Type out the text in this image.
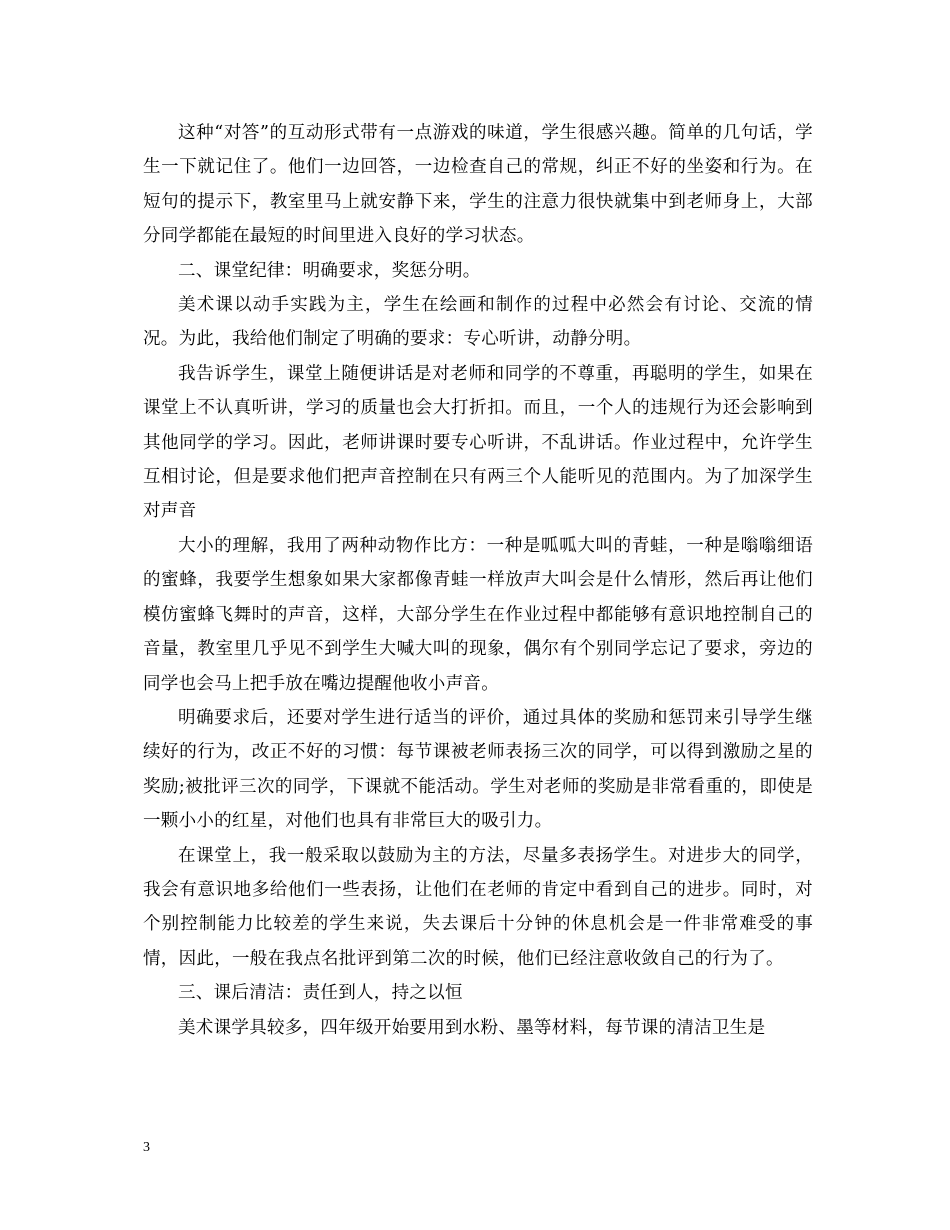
这种“对答”的互动形式带有一点游戏的味道，学生很感兴趣。简单的几句话，学生一下就记住了。他们一边回答，一边检查自己的常规，纠正不好的坐姿和行为。在短句的提示下，教室里马上就安静下来，学生的注意力很快就集中到老师身上，大部分同学都能在最短的时间里进入良好的学习状态。

二、课堂纪律：明确要求，奖惩分明。

美术课以动手实践为主，学生在绘画和制作的过程中必然会有讨论、交流的情况。为此，我给他们制定了明确的要求：专心听讲，动静分明。

我告诉学生，课堂上随便讲话是对老师和同学的不尊重，再聪明的学生，如果在课堂上不认真听讲，学习的质量也会大打折扣。而且，一个人的违规行为还会影响到其他同学的学习。因此，老师讲课时要专心听讲，不乱讲话。作业过程中，允许学生互相讨论，但是要求他们把声音控制在只有两三个人能听见的范围内。为了加深学生对声音

大小的理解，我用了两种动物作比方：一种是呱呱大叫的青蛙，一种是嗡嗡细语的蜜蜂，我要学生想象如果大家都像青蛙一样放声大叫会是什么情形，然后再让他们模仿蜜蜂飞舞时的声音，这样，大部分学生在作业过程中都能够有意识地控制自己的音量，教室里几乎见不到学生大喊大叫的现象，偶尔有个别同学忘记了要求，旁边的同学也会马上把手放在嘴边提醒他收小声音。

明确要求后，还要对学生进行适当的评价，通过具体的奖励和惩罚来引导学生继续好的行为，改正不好的习惯：每节课被老师表扬三次的同学，可以得到激励之星的奖励;被批评三次的同学，下课就不能活动。学生对老师的奖励是非常看重的，即使是一颗小小的红星，对他们也具有非常巨大的吸引力。

在课堂上，我一般采取以鼓励为主的方法，尽量多表扬学生。对进步大的同学，我会有意识地多给他们一些表扬，让他们在老师的肯定中看到自己的进步。同时，对个别控制能力比较差的学生来说，失去课后十分钟的休息机会是一件非常难受的事情，因此，一般在我点名批评到第二次的时候，他们已经注意收敛自己的行为了。

三、课后清洁：责任到人，持之以恒

美术课学具较多，四年级开始要用到水粉、墨等材料，每节课的清洁卫生是

3
